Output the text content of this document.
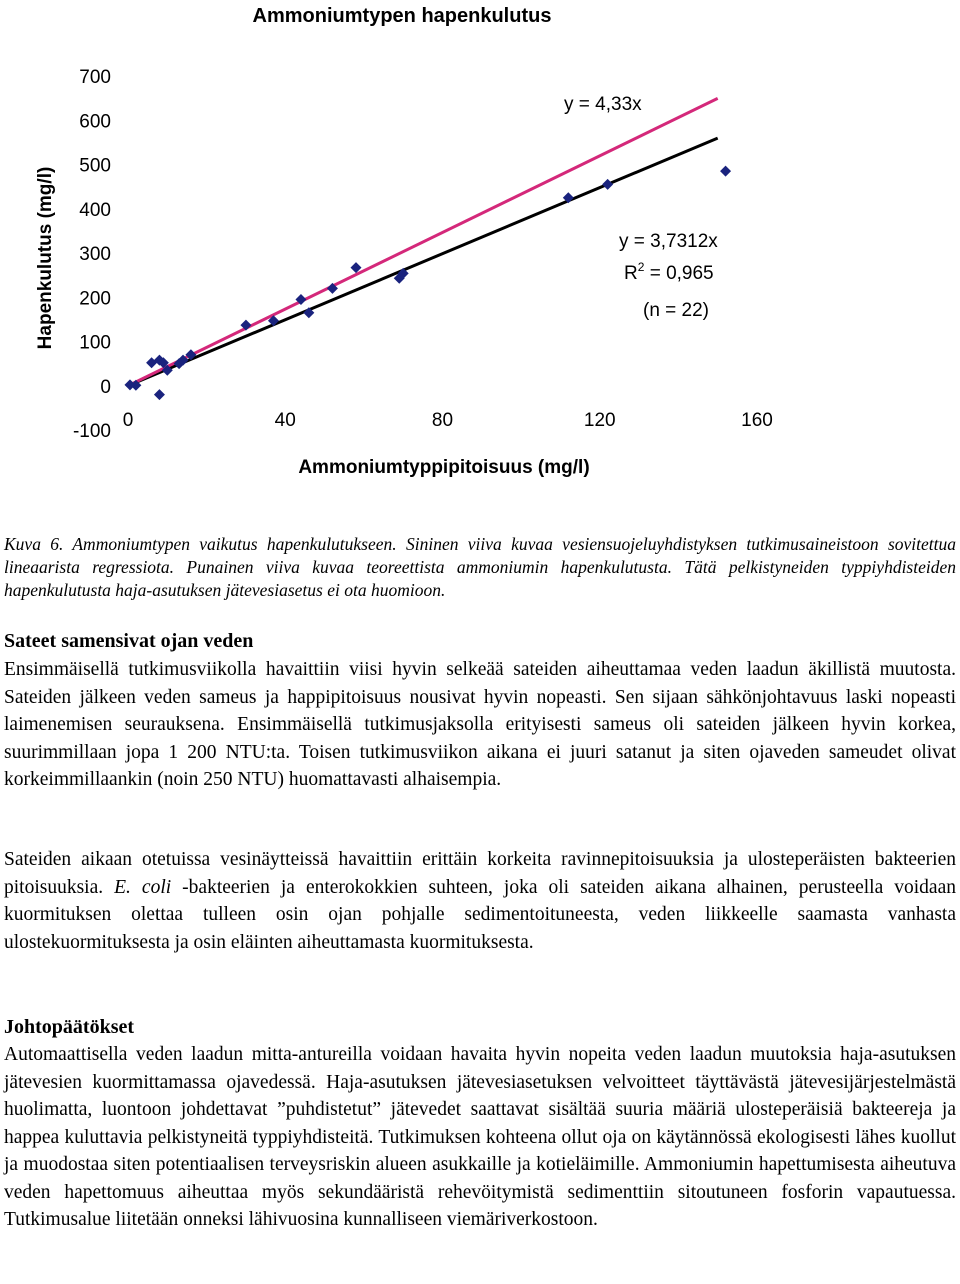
Ammoniumtypen hapenkulutus
Hapenkulutus (mg/l)
Ammoniumtyppipitoisuus (mg/l)
700
600
500
400
300
200
100
0
-100
0	40	80	120	160
y = 4,33x
y = 3,7312x
$R^2 = 0,965$
(n = 22)

Kuva 6. Ammoniumtypen vaikutus hapenkulutukseen. Sininen viiva kuvaa vesiensuojeluyhdistyksen tutkimusaineistoon sovitettua lineaarista regressiota. Punainen viiva kuvaa teoreettista ammoniumin hapenkulutusta. Tätä pelkistyneiden typpiyhdisteiden hapenkulutusta haja-asutuksen jätevesiasetus ei ota huomioon.

Sateet samensivat ojan veden

Ensimmäisellä tutkimusviikolla havaittiin viisi hyvin selkeää sateiden aiheuttamaa veden laadun äkillistä muutosta. Sateiden jälkeen veden sameus ja happipitoisuus nousivat hyvin nopeasti. Sen sijaan sähkönjohtavuus laski nopeasti laimenemisen seurauksena. Ensimmäisellä tutkimusjaksolla erityisesti sameus oli sateiden jälkeen hyvin korkea, suurimmillaan jopa 1 200 NTU:ta. Toisen tutkimusviikon aikana ei juuri satanut ja siten ojaveden sameudet olivat korkeimmillaankin (noin 250 NTU) huomattavasti alhaisempia.

Sateiden aikaan otetuissa vesinäytteissä havaittiin erittäin korkeita ravinnepitoisuuksia ja ulosteperäisten bakteerien pitoisuuksia. E. coli -bakteerien ja enterokokkien suhteen, joka oli sateiden aikana alhainen, perusteella voidaan kuormituksen olettaa tulleen osin ojan pohjalle sedimentoituneesta, veden liikkeelle saamasta vanhasta ulostekuormituksesta ja osin eläinten aiheuttamasta kuormituksesta.

Johtopäätökset

Automaattisella veden laadun mitta-antureilla voidaan havaita hyvin nopeita veden laadun muutoksia haja-asutuksen jätevesien kuormittamassa ojavedessä. Haja-asutuksen jätevesiasetuksen velvoitteet täyttävästä jätevesijärjestelmästä huolimatta, luontoon johdettavat ”puhdistetut” jätevedet saattavat sisältää suuria määriä ulosteperäisiä bakteereja ja happea kuluttavia pelkistyneitä typpiyhdisteitä. Tutkimuksen kohteena ollut oja on käytännössä ekologisesti lähes kuollut ja muodostaa siten potentiaalisen terveysriskin alueen asukkaille ja kotieläimille. Ammoniumin hapettumisesta aiheutuva veden hapettomuus aiheuttaa myös sekundääristä rehevöitymistä sedimenttiin sitoutuneen fosforin vapautuessa. Tutkimusalue liitetään onneksi lähivuosina kunnalliseen viemäriverkostoon.
